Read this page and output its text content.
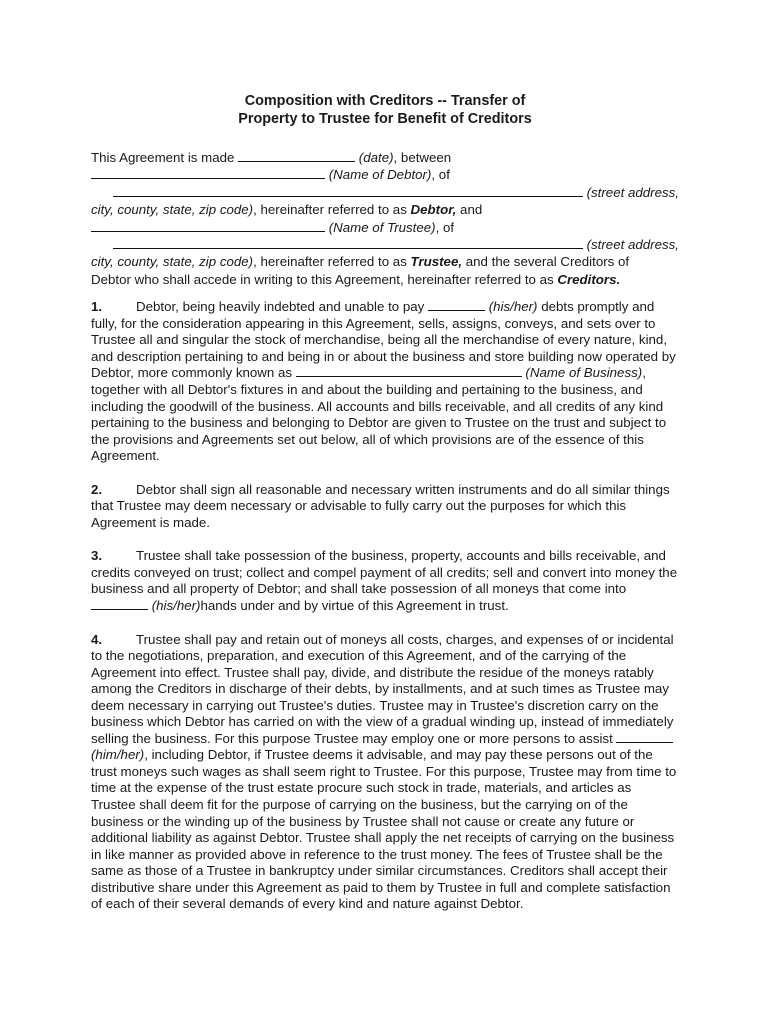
Composition with Creditors -- Transfer of
Property to Trustee for Benefit of Creditors
This Agreement is made	(date), between
(Name of Debtor), of
(street address,
city, county, state, zip code), hereinafter referred to as Debtor, and
(Name of Trustee), of
(street address,
city, county, state, zip code), hereinafter referred to as Trustee, and the several Creditors of
Debtor who shall accede in writing to this Agreement, hereinafter referred to as Creditors.

1.	Debtor, being heavily indebted and unable to pay	(his/her) debts promptly and fully, for the consideration appearing in this Agreement, sells, assigns, conveys, and sets over to Trustee all and singular the stock of merchandise, being all the merchandise of every nature, kind, and description pertaining to and being in or about the business and store building now operated by Debtor, more commonly known as	(Name of Business), together with all Debtor's fixtures in and about the building and pertaining to the business, and including the goodwill of the business. All accounts and bills receivable, and all credits of any kind pertaining to the business and belonging to Debtor are given to Trustee on the trust and subject to the provisions and Agreements set out below, all of which provisions are of the essence of this Agreement.

2.	Debtor shall sign all reasonable and necessary written instruments and do all similar things that Trustee may deem necessary or advisable to fully carry out the purposes for which this Agreement is made.

3.	Trustee shall take possession of the business, property, accounts and bills receivable, and credits conveyed on trust; collect and compel payment of all credits; sell and convert into money the business and all property of Debtor; and shall take possession of all moneys that come into  (his/her)hands under and by virtue of this Agreement in trust.

4.	Trustee shall pay and retain out of moneys all costs, charges, and expenses of or incidental to the negotiations, preparation, and execution of this Agreement, and of the carrying of the Agreement into effect. Trustee shall pay, divide, and distribute the residue of the moneys ratably among the Creditors in discharge of their debts, by installments, and at such times as Trustee may deem necessary in carrying out Trustee's duties. Trustee may in Trustee's discretion carry on the business which Debtor has carried on with the view of a gradual winding up, instead of immediately selling the business. For this purpose Trustee may employ one or more persons to assist  (him/her), including Debtor, if Trustee deems it advisable, and may pay these persons out of the trust moneys such wages as shall seem right to Trustee. For this purpose, Trustee may from time to time at the expense of the trust estate procure such stock in trade, materials, and articles as Trustee shall deem fit for the purpose of carrying on the business, but the carrying on of the business or the winding up of the business by Trustee shall not cause or create any future or additional liability as against Debtor. Trustee shall apply the net receipts of carrying on the business in like manner as provided above in reference to the trust money. The fees of Trustee shall be the same as those of a Trustee in bankruptcy under similar circumstances. Creditors shall accept their distributive share under this Agreement as paid to them by Trustee in full and complete satisfaction of each of their several demands of every kind and nature against Debtor.
